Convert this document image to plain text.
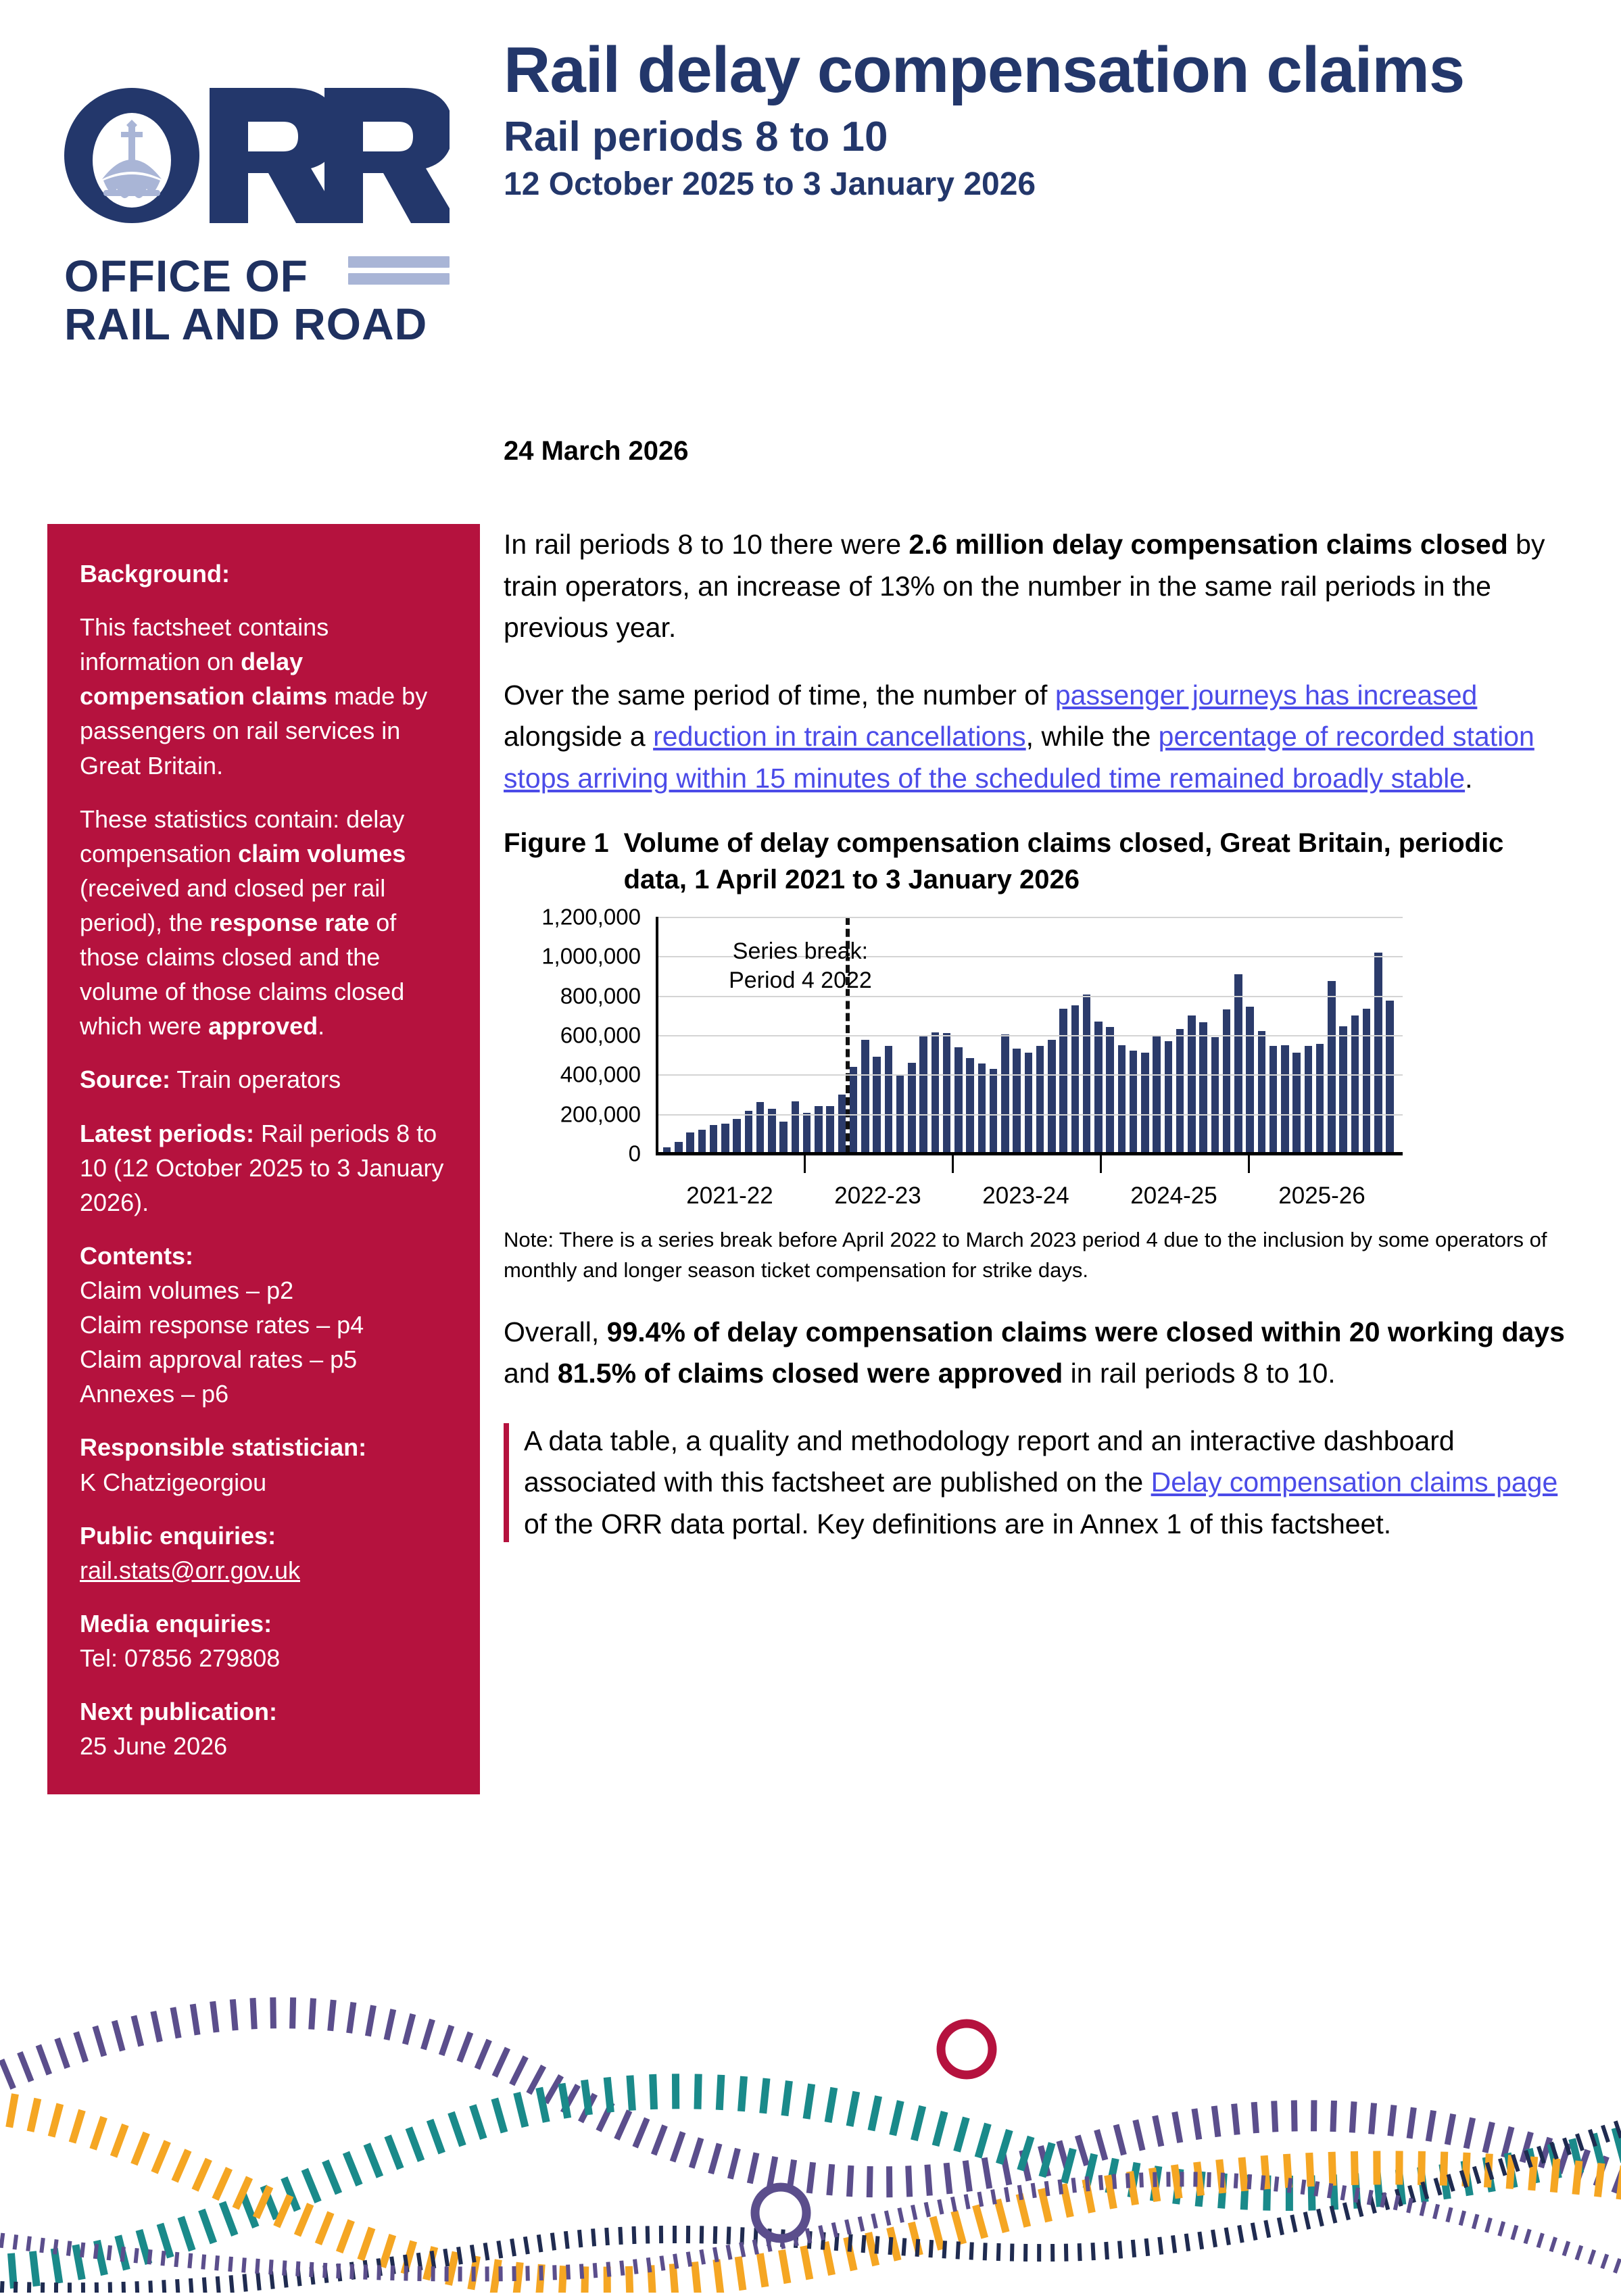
OFFICE OF
RAIL AND ROAD
Rail delay compensation claims
Rail periods 8 to 10
12 October 2025 to 3 January 2026
24 March 2026

Background:

This factsheet contains information on delay compensation claims made by passengers on rail services in Great Britain.

These statistics contain: delay compensation claim volumes (received and closed per rail period), the response rate of those claims closed and the volume of those claims closed which were approved.

Source: Train operators

Latest periods: Rail periods 8 to 10 (12 October 2025 to 3 January 2026).

Contents:
Claim volumes – p2
Claim response rates – p4
Claim approval rates – p5
Annexes – p6

Responsible statistician:
K Chatzigeorgiou

Public enquiries:
rail.stats@orr.gov.uk

Media enquiries:
Tel: 07856 279808

Next publication:
25 June 2026

In rail periods 8 to 10 there were 2.6 million delay compensation claims closed by train operators, an increase of 13% on the number in the same rail periods in the previous year.

Over the same period of time, the number of passenger journeys has increased alongside a reduction in train cancellations, while the percentage of recorded station stops arriving within 15 minutes of the scheduled time remained broadly stable.

Figure 1 Volume of delay compensation claims closed, Great Britain, periodic data, 1 April 2021 to 3 January 2026
0
200,000
400,000
600,000
800,000
1,000,000
1,200,000
Series break:
Period 4 2022
2021-22	2022-23	2023-24	2024-25	2025-26
Note: There is a series break before April 2022 to March 2023 period 4 due to the inclusion by some operators of monthly and longer season ticket compensation for strike days.

Overall, 99.4% of delay compensation claims were closed within 20 working days and 81.5% of claims closed were approved in rail periods 8 to 10.

A data table, a quality and methodology report and an interactive dashboard associated with this factsheet are published on the Delay compensation claims page of the ORR data portal. Key definitions are in Annex 1 of this factsheet.
